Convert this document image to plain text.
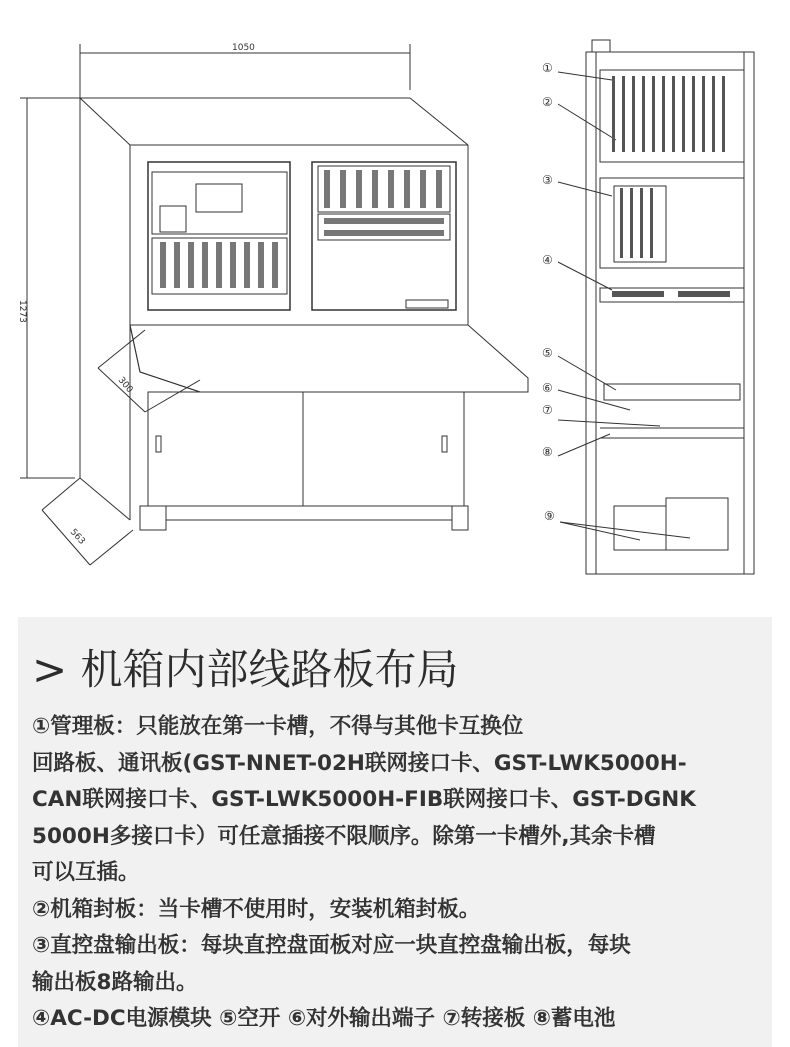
1050
1273
300
563
①
②
③
④
⑤
⑥
⑦
⑧
⑨
> 机箱内部线路板布局
①管理板：只能放在第一卡槽，不得与其他卡互换位
回路板、通讯板(GST-NNET-02H联网接口卡、GST-LWK5000H-
CAN联网接口卡、GST-LWK5000H-FIB联网接口卡、GST-DGNK
5000H多接口卡）可任意插接不限顺序。除第一卡槽外,其余卡槽
可以互插。
②机箱封板：当卡槽不使用时，安装机箱封板。
③直控盘输出板：每块直控盘面板对应一块直控盘输出板，每块
输出板8路输出。
④AC-DC电源模块 ⑤空开 ⑥对外输出端子 ⑦转接板 ⑧蓄电池
